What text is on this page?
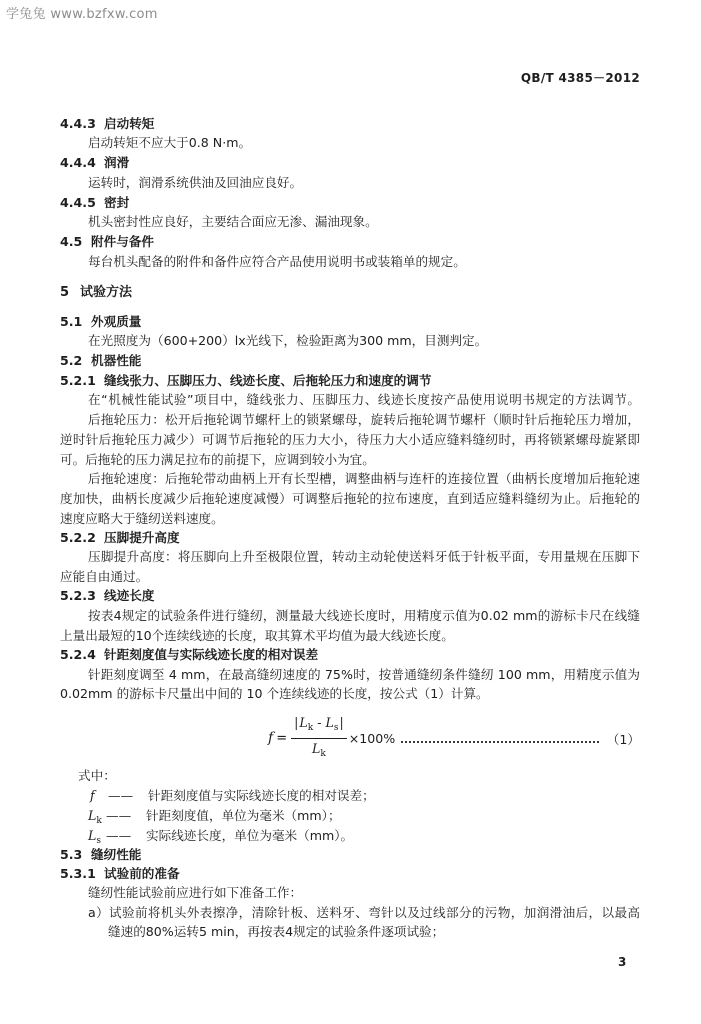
学兔兔 www.bzfxw.com
QB/T 4385－2012
4.4.3 启动转矩
启动转矩不应大于0.8 N·m。
4.4.4 润滑
运转时，润滑系统供油及回油应良好。
4.4.5 密封
机头密封性应良好，主要结合面应无渗、漏油现象。
4.5 附件与备件
每台机头配备的附件和备件应符合产品使用说明书或装箱单的规定。
5 试验方法
5.1 外观质量
在光照度为（600+200）lx光线下，检验距离为300 mm，目测判定。
5.2 机器性能
5.2.1 缝线张力、压脚压力、线迹长度、后拖轮压力和速度的调节
在“机械性能试验”项目中，缝线张力、压脚压力、线迹长度按产品使用说明书规定的方法调节。
后拖轮压力：松开后拖轮调节螺杆上的锁紧螺母，旋转后拖轮调节螺杆（顺时针后拖轮压力增加，
逆时针后拖轮压力减少）可调节后拖轮的压力大小，待压力大小适应缝料缝纫时，再将锁紧螺母旋紧即
可。后拖轮的压力满足拉布的前提下，应调到较小为宜。
后拖轮速度：后拖轮带动曲柄上开有长型槽，调整曲柄与连杆的连接位置（曲柄长度增加后拖轮速
度加快，曲柄长度减少后拖轮速度减慢）可调整后拖轮的拉布速度，直到适应缝料缝纫为止。后拖轮的
速度应略大于缝纫送料速度。
5.2.2 压脚提升高度
压脚提升高度：将压脚向上升至极限位置，转动主动轮使送料牙低于针板平面，专用量规在压脚下
应能自由通过。
5.2.3 线迹长度
按表4规定的试验条件进行缝纫，测量最大线迹长度时，用精度示值为0.02 mm的游标卡尺在线缝
上量出最短的10个连续线迹的长度，取其算术平均值为最大线迹长度。
5.2.4 针距刻度值与实际线迹长度的相对误差
针距刻度调至 4 mm，在最高缝纫速度的 75%时，按普通缝纫条件缝纫 100 mm，用精度示值为
0.02mm 的游标卡尺量出中间的 10 个连续线迹的长度，按公式（1）计算。
$f = \frac{|L_k - L_s|}{L_k} \times 100\%$	（1）
式中：
f —— 针距刻度值与实际线迹长度的相对误差；
$L_k$ —— 针距刻度值，单位为毫米（mm）；
$L_s$ —— 实际线迹长度，单位为毫米（mm）。
5.3 缝纫性能
5.3.1 试验前的准备
缝纫性能试验前应进行如下准备工作：
a）试验前将机头外表擦净，清除针板、送料牙、弯针以及过线部分的污物，加润滑油后，以最高
缝速的80%运转5 min，再按表4规定的试验条件逐项试验；
3
